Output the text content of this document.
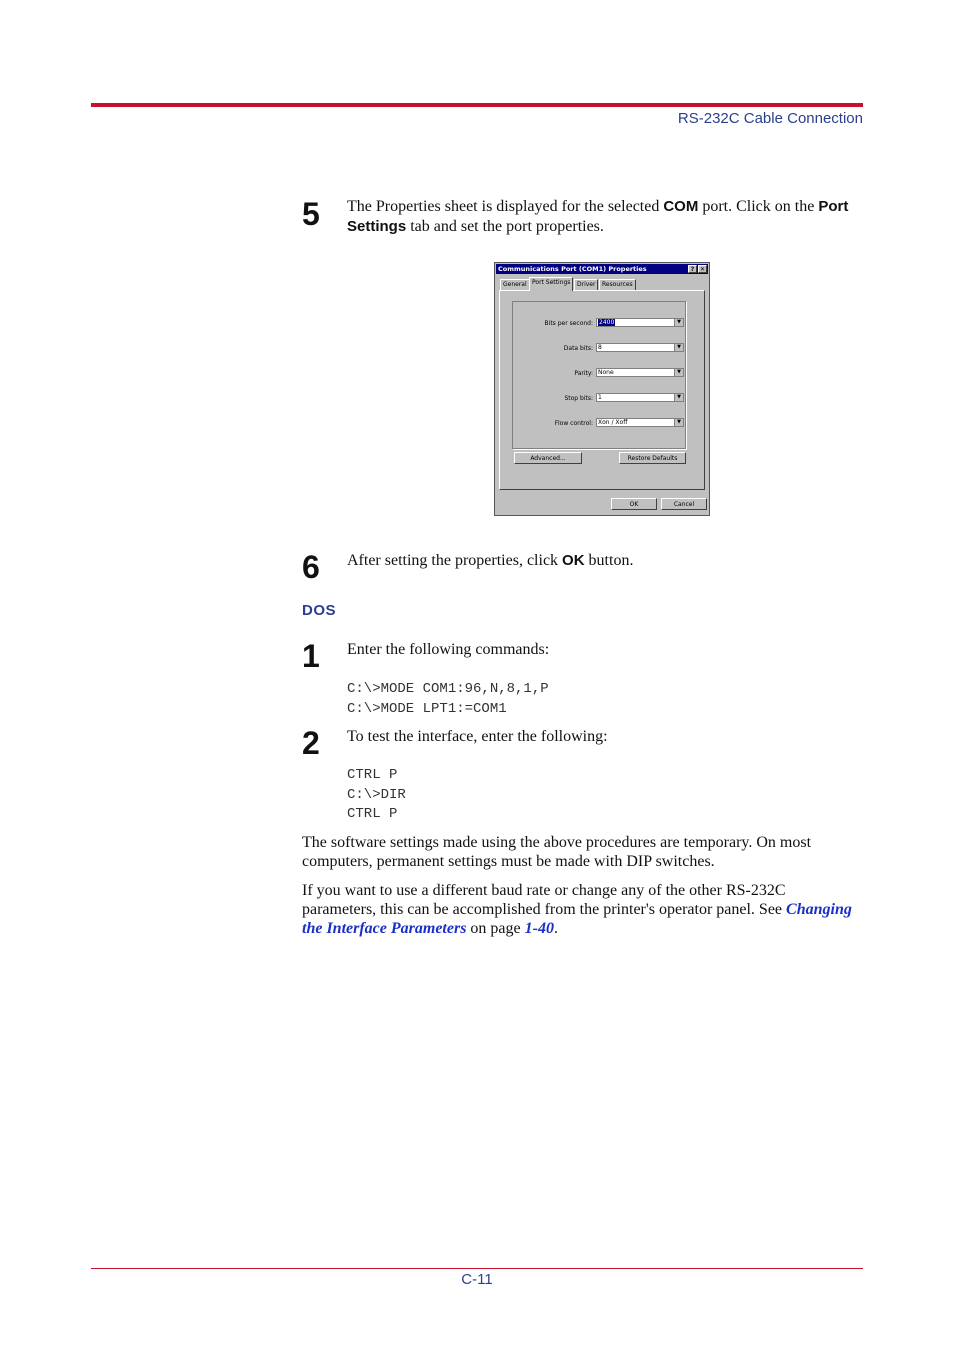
RS-232C Cable Connection
5 The Properties sheet is displayed for the selected COM port. Click on the Port Settings tab and set the port properties.
Communications Port (COM1) Properties	? ✕
General Port Settings	Driver	Resources
Bits per second:	2400	▼
Data bits: 8	▼
Parity: None	▼
Stop bits: 1	▼
Flow control: Xon / Xoff	▼
Advanced...	Restore Defaults
OK	Cancel
6 After setting the properties, click OK button.
DOS
1 Enter the following commands:
C:\>MODE COM1:96,N,8,1,P
C:\>MODE LPT1:=COM1
2 To test the interface, enter the following:
CTRL P
C:\>DIR
CTRL P
The software settings made using the above procedures are temporary. On most computers, permanent settings must be made with DIP switches.
If you want to use a different baud rate or change any of the other RS-232C parameters, this can be accomplished from the printer's operator panel. See Changing the Interface Parameters on page 1-40.
C-11
